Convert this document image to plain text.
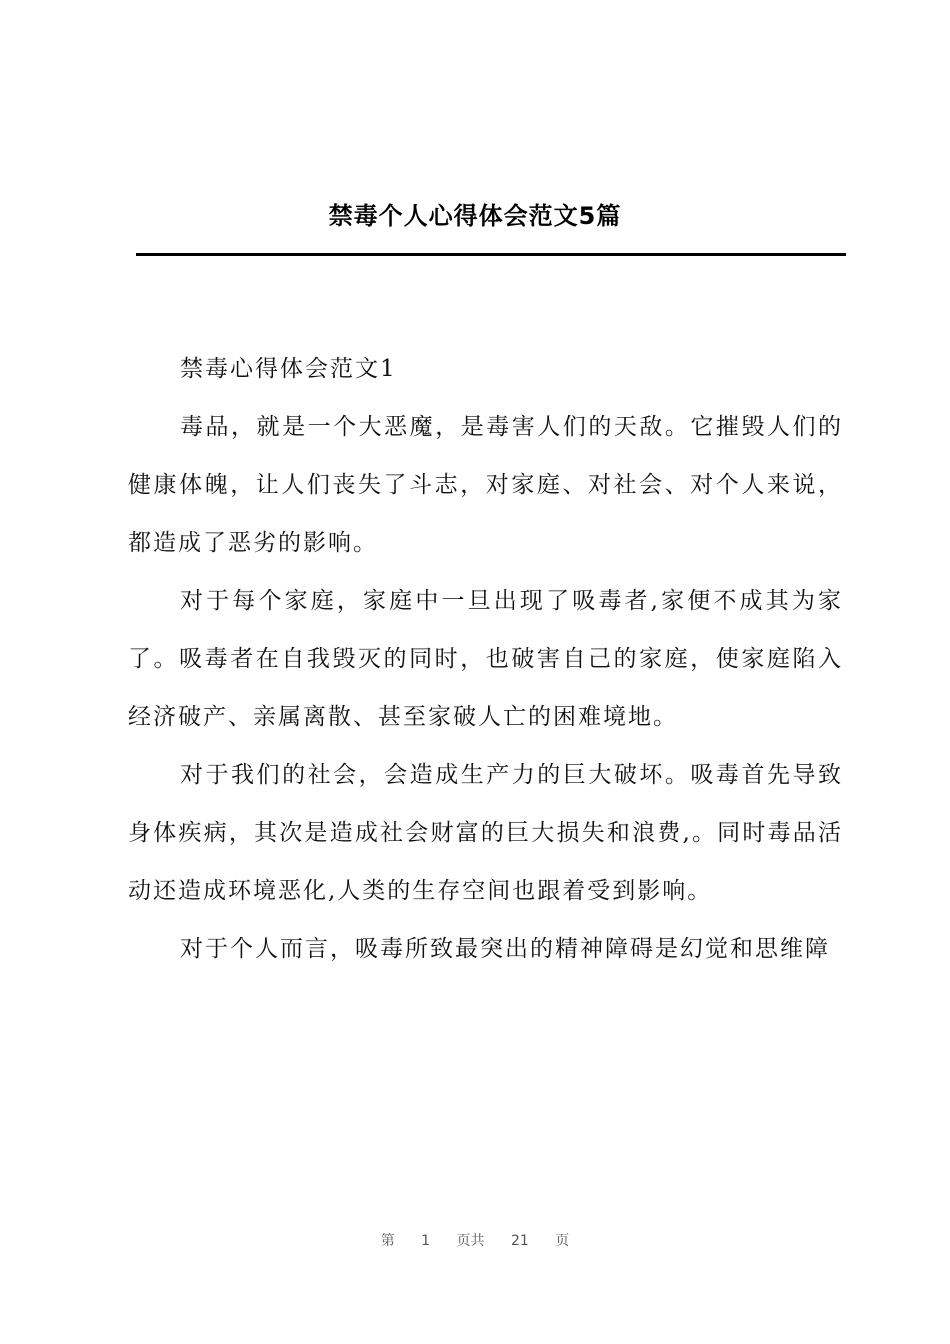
禁毒个人心得体会范文5篇

禁毒心得体会范文1

毒品，就是一个大恶魔，是毒害人们的天敌。它摧毁人们的健康体魄，让人们丧失了斗志，对家庭、对社会、对个人来说，都造成了恶劣的影响。

对于每个家庭，家庭中一旦出现了吸毒者,家便不成其为家了。吸毒者在自我毁灭的同时，也破害自己的家庭，使家庭陷入经济破产、亲属离散、甚至家破人亡的困难境地。

对于我们的社会，会造成生产力的巨大破坏。吸毒首先导致身体疾病，其次是造成社会财富的巨大损失和浪费,。同时毒品活动还造成环境恶化,人类的生存空间也跟着受到影响。

对于个人而言，吸毒所致最突出的精神障碍是幻觉和思维障

第 1 页共 21 页
